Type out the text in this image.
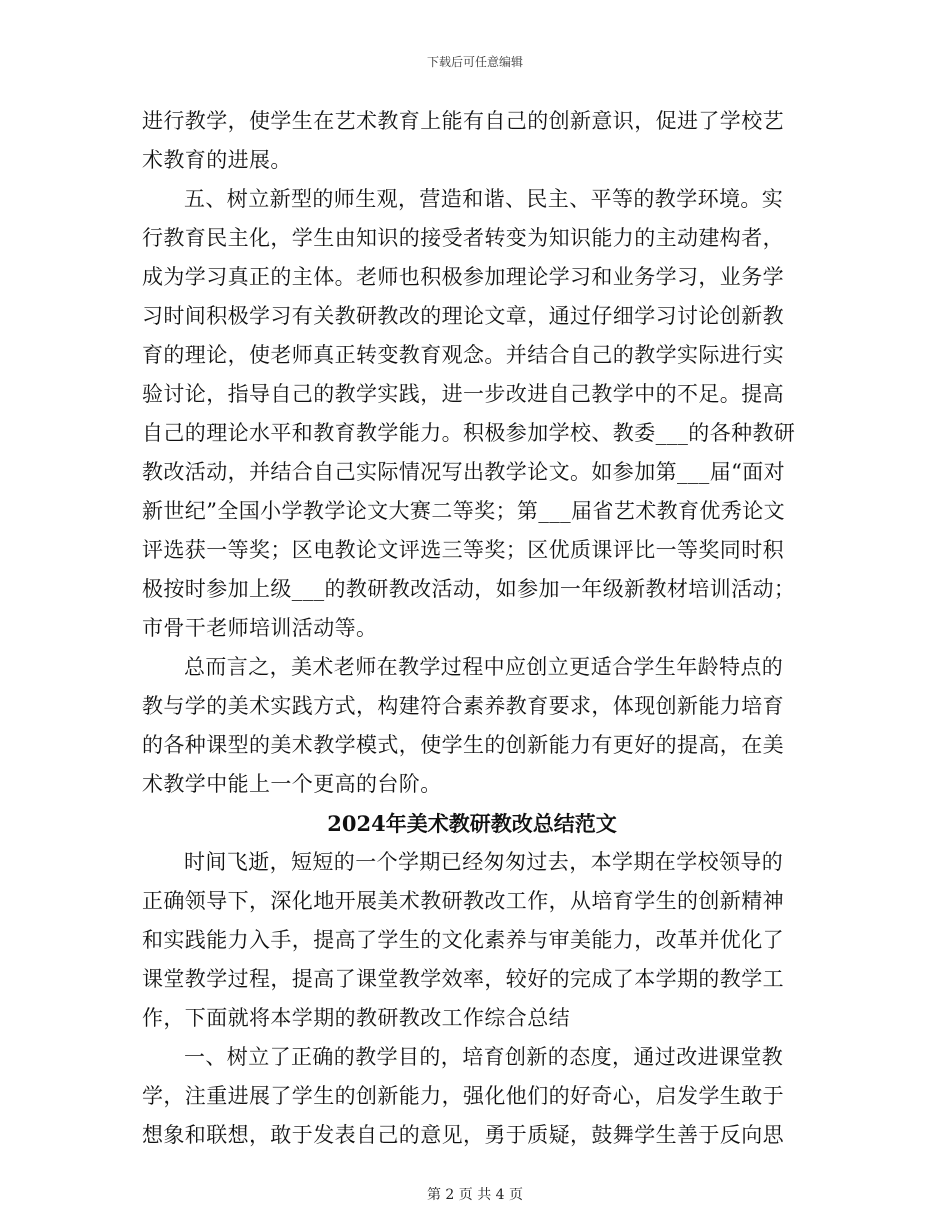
下载后可任意编辑
进行教学，使学生在艺术教育上能有自己的创新意识，促进了学校艺
术教育的进展。
五、树立新型的师生观，营造和谐、民主、平等的教学环境。实
行教育民主化，学生由知识的接受者转变为知识能力的主动建构者，
成为学习真正的主体。老师也积极参加理论学习和业务学习，业务学
习时间积极学习有关教研教改的理论文章，通过仔细学习讨论创新教
育的理论，使老师真正转变教育观念。并结合自己的教学实际进行实
验讨论，指导自己的教学实践，进一步改进自己教学中的不足。提高
自己的理论水平和教育教学能力。积极参加学校、教委___的各种教研
教改活动，并结合自己实际情况写出教学论文。如参加第___届“面对
新世纪”全国小学教学论文大赛二等奖；第___届省艺术教育优秀论文
评选获一等奖；区电教论文评选三等奖；区优质课评比一等奖同时积
极按时参加上级___的教研教改活动，如参加一年级新教材培训活动；
市骨干老师培训活动等。
总而言之，美术老师在教学过程中应创立更适合学生年龄特点的
教与学的美术实践方式，构建符合素养教育要求，体现创新能力培育
的各种课型的美术教学模式，使学生的创新能力有更好的提高，在美
术教学中能上一个更高的台阶。
2024年美术教研教改总结范文
时间飞逝，短短的一个学期已经匆匆过去，本学期在学校领导的
正确领导下，深化地开展美术教研教改工作，从培育学生的创新精神
和实践能力入手，提高了学生的文化素养与审美能力，改革并优化了
课堂教学过程，提高了课堂教学效率，较好的完成了本学期的教学工
作，下面就将本学期的教研教改工作综合总结
一、树立了正确的教学目的，培育创新的态度，通过改进课堂教
学，注重进展了学生的创新能力，强化他们的好奇心，启发学生敢于
想象和联想，敢于发表自己的意见，勇于质疑，鼓舞学生善于反向思
第 2 页 共 4 页
